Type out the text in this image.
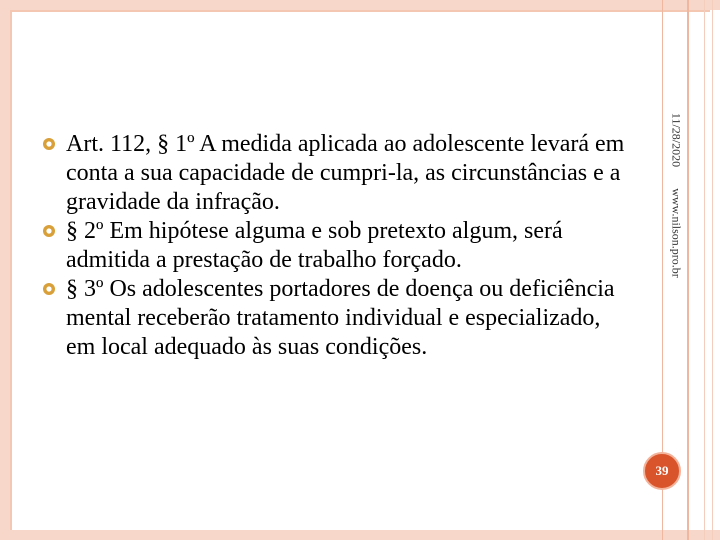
Art. 112, § 1º A medida aplicada ao adolescente levará em conta a sua capacidade de cumpri-la, as circunstâncias e a gravidade da infração.
§ 2º Em hipótese alguma e sob pretexto algum, será admitida a prestação de trabalho forçado.
§ 3º Os adolescentes portadores de doença ou deficiência mental receberão tratamento individual e especializado, em local adequado às suas condições.
11/28/2020
www.nilson.pro.br
39
